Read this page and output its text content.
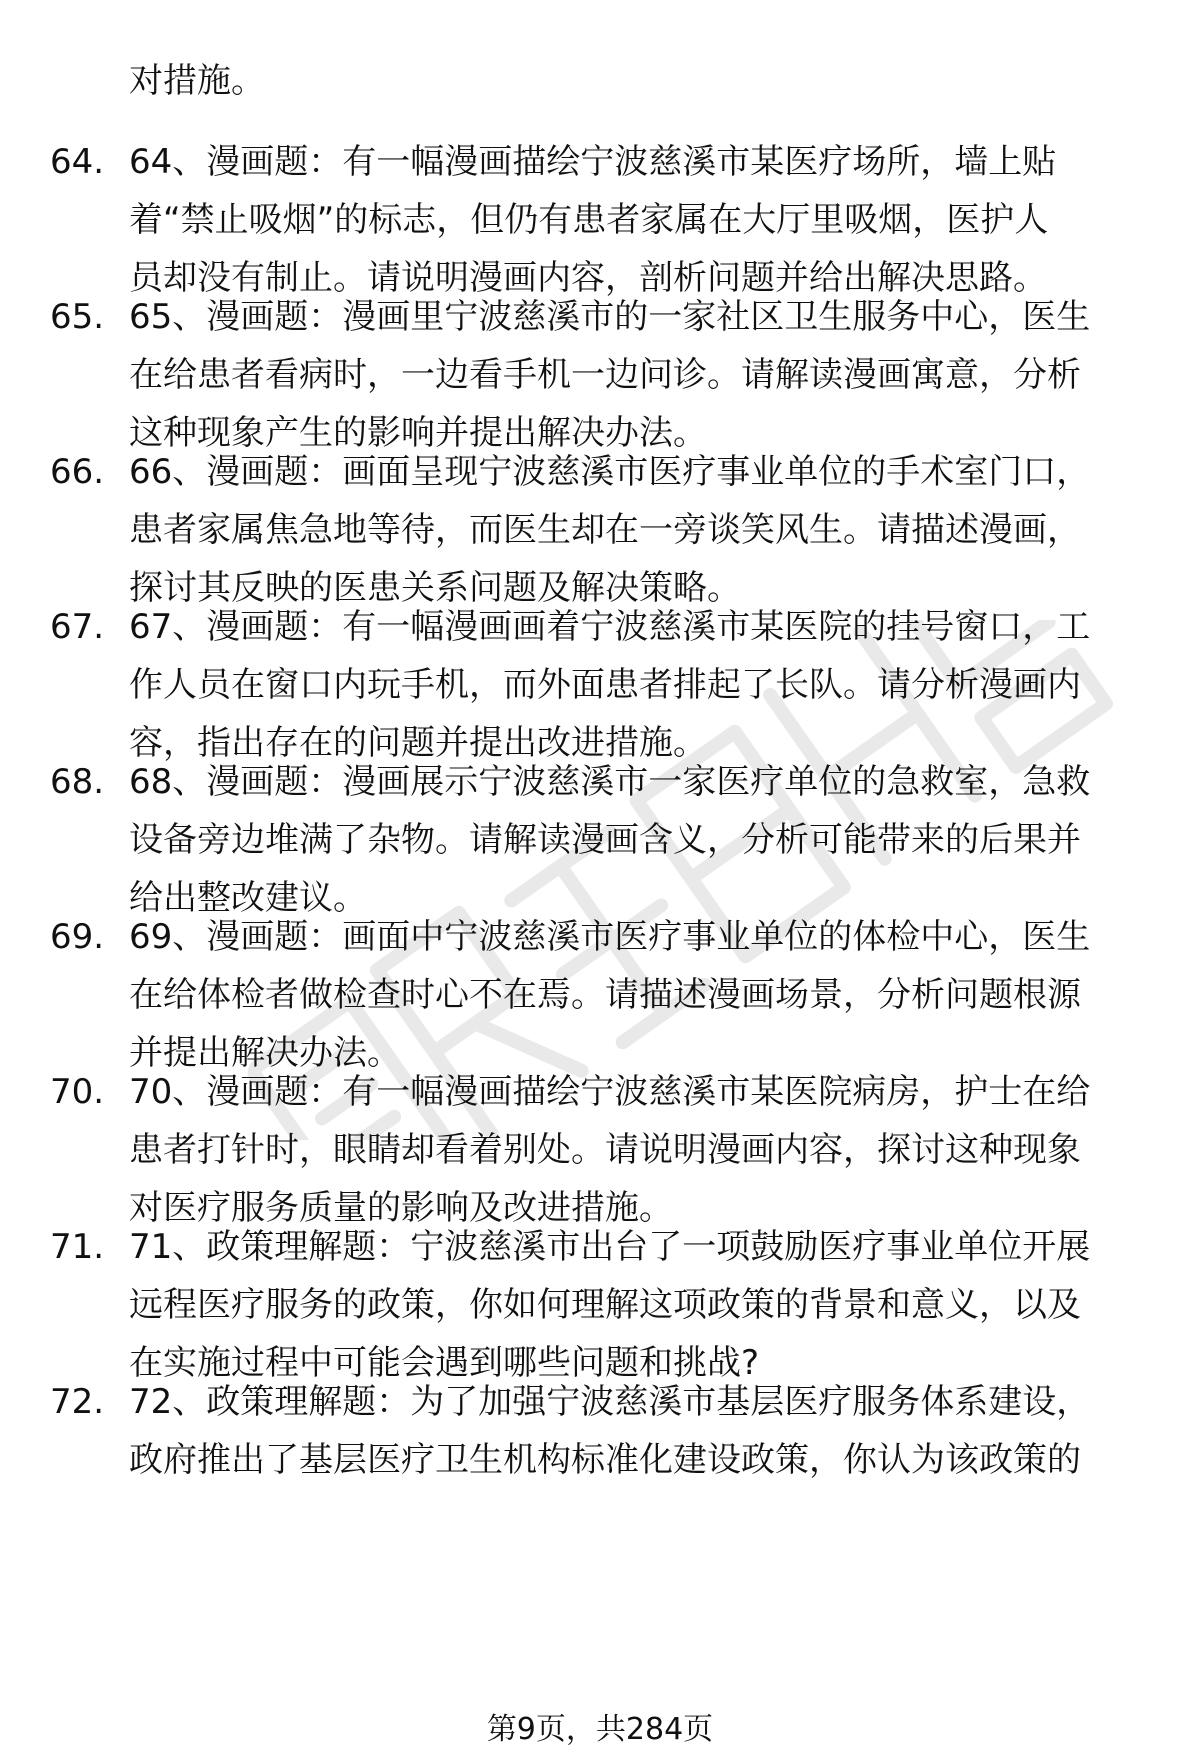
对措施。
64. 64、漫画题：有一幅漫画描绘宁波慈溪市某医疗场所，墙上贴
着“禁止吸烟”的标志，但仍有患者家属在大厅里吸烟，医护人
员却没有制止。请说明漫画内容，剖析问题并给出解决思路。
65. 65、漫画题：漫画里宁波慈溪市的一家社区卫生服务中心，医生
在给患者看病时，一边看手机一边问诊。请解读漫画寓意，分析
这种现象产生的影响并提出解决办法。
66. 66、漫画题：画面呈现宁波慈溪市医疗事业单位的手术室门口，
患者家属焦急地等待，而医生却在一旁谈笑风生。请描述漫画，
探讨其反映的医患关系问题及解决策略。
67. 67、漫画题：有一幅漫画画着宁波慈溪市某医院的挂号窗口，工
作人员在窗口内玩手机，而外面患者排起了长队。请分析漫画内
容，指出存在的问题并提出改进措施。
68. 68、漫画题：漫画展示宁波慈溪市一家医疗单位的急救室，急救
设备旁边堆满了杂物。请解读漫画含义，分析可能带来的后果并
给出整改建议。
69. 69、漫画题：画面中宁波慈溪市医疗事业单位的体检中心，医生
在给体检者做检查时心不在焉。请描述漫画场景，分析问题根源
并提出解决办法。
70. 70、漫画题：有一幅漫画描绘宁波慈溪市某医院病房，护士在给
患者打针时，眼睛却看着别处。请说明漫画内容，探讨这种现象
对医疗服务质量的影响及改进措施。
71. 71、政策理解题：宁波慈溪市出台了一项鼓励医疗事业单位开展
远程医疗服务的政策，你如何理解这项政策的背景和意义，以及
在实施过程中可能会遇到哪些问题和挑战?
72. 72、政策理解题：为了加强宁波慈溪市基层医疗服务体系建设，
政府推出了基层医疗卫生机构标准化建设政策，你认为该政策的
第9页，共284页
